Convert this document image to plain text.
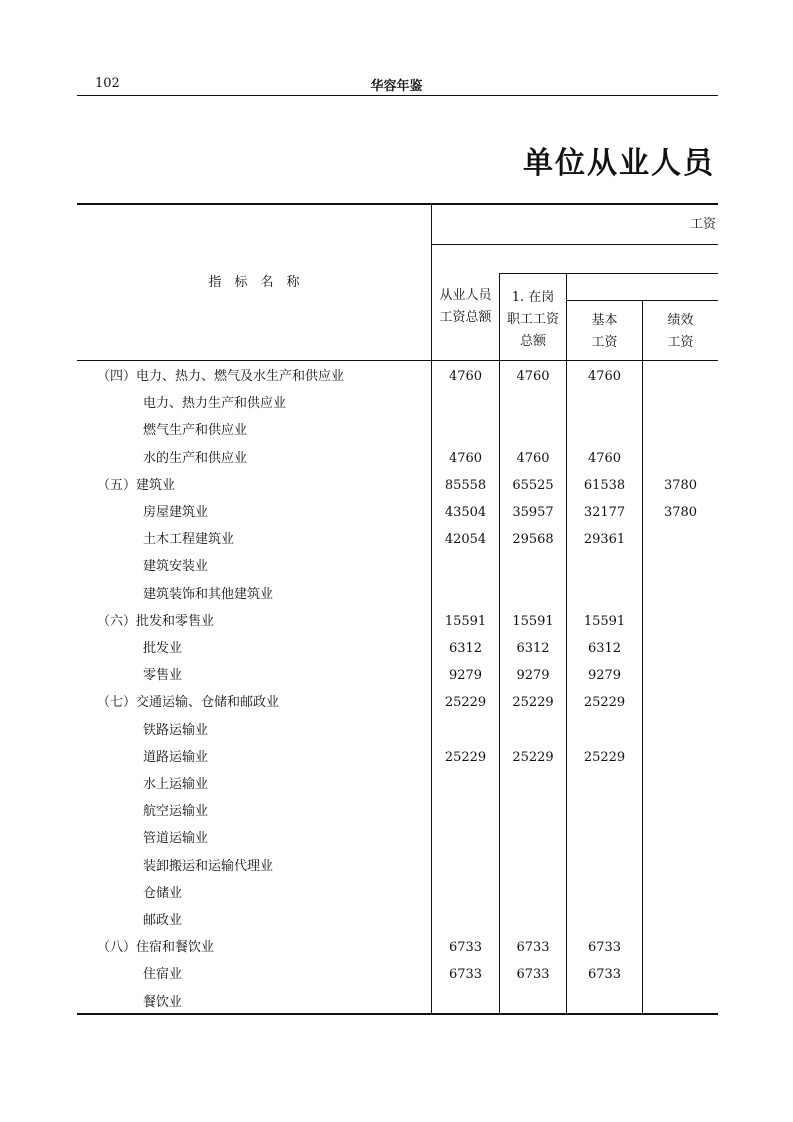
102	华容年鉴
单位从业人员
指　标　名　称
工资
从业人员
工资总额
1. 在岗
职工工资
总额
基本
工资
绩效
工资
（四）电力、热力、燃气及水生产和供应业	4760	4760	4760
电力、热力生产和供应业
燃气生产和供应业
水的生产和供应业	4760	4760	4760
（五）建筑业	85558	65525	61538	3780
房屋建筑业	43504	35957	32177	3780
土木工程建筑业	42054	29568	29361
建筑安装业
建筑装饰和其他建筑业
（六）批发和零售业	15591	15591	15591
批发业	6312	6312	6312
零售业	9279	9279	9279
（七）交通运输、仓储和邮政业	25229	25229	25229
铁路运输业
道路运输业	25229	25229	25229
水上运输业
航空运输业
管道运输业
装卸搬运和运输代理业
仓储业
邮政业
（八）住宿和餐饮业	6733	6733	6733
住宿业	6733	6733	6733
餐饮业
